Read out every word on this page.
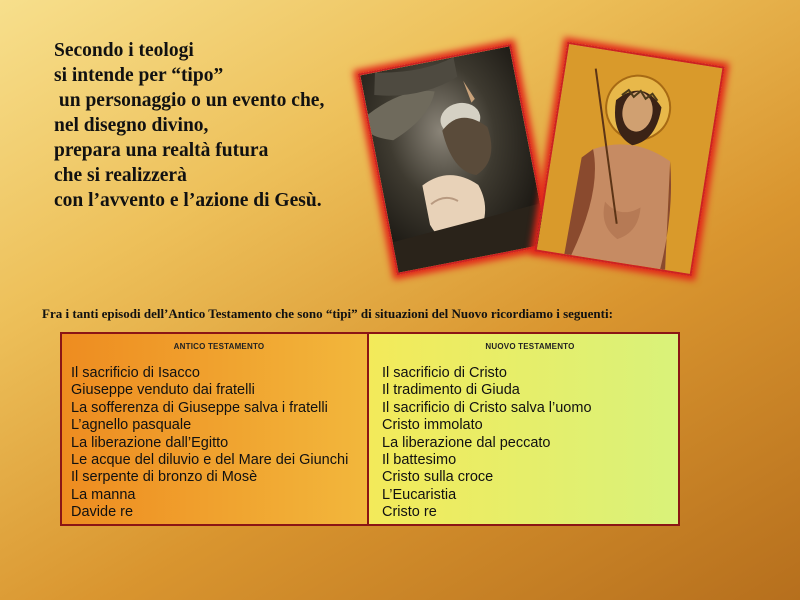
Secondo i teologi
si intende per “tipo”
un personaggio o un evento che,
nel disegno divino,
prepara una realtà futura
che si realizzerà
con l’avvento e l’azione di Gesù.

Fra i tanti episodi dell’Antico Testamento che sono “tipi” di situazioni del Nuovo ricordiamo i seguenti:

ANTICO TESTAMENTO
Il sacrificio di Isacco
Giuseppe venduto dai fratelli
La sofferenza di Giuseppe salva i fratelli
L’agnello pasquale
La liberazione dall’Egitto
Le acque del diluvio e del Mare dei Giunchi
Il serpente di bronzo di Mosè
La manna
Davide re
NUOVO TESTAMENTO
Il sacrificio di Cristo
Il tradimento di Giuda
Il sacrificio di Cristo salva l’uomo
Cristo immolato
La liberazione dal peccato
Il battesimo
Cristo sulla croce
L’Eucaristia
Cristo re
